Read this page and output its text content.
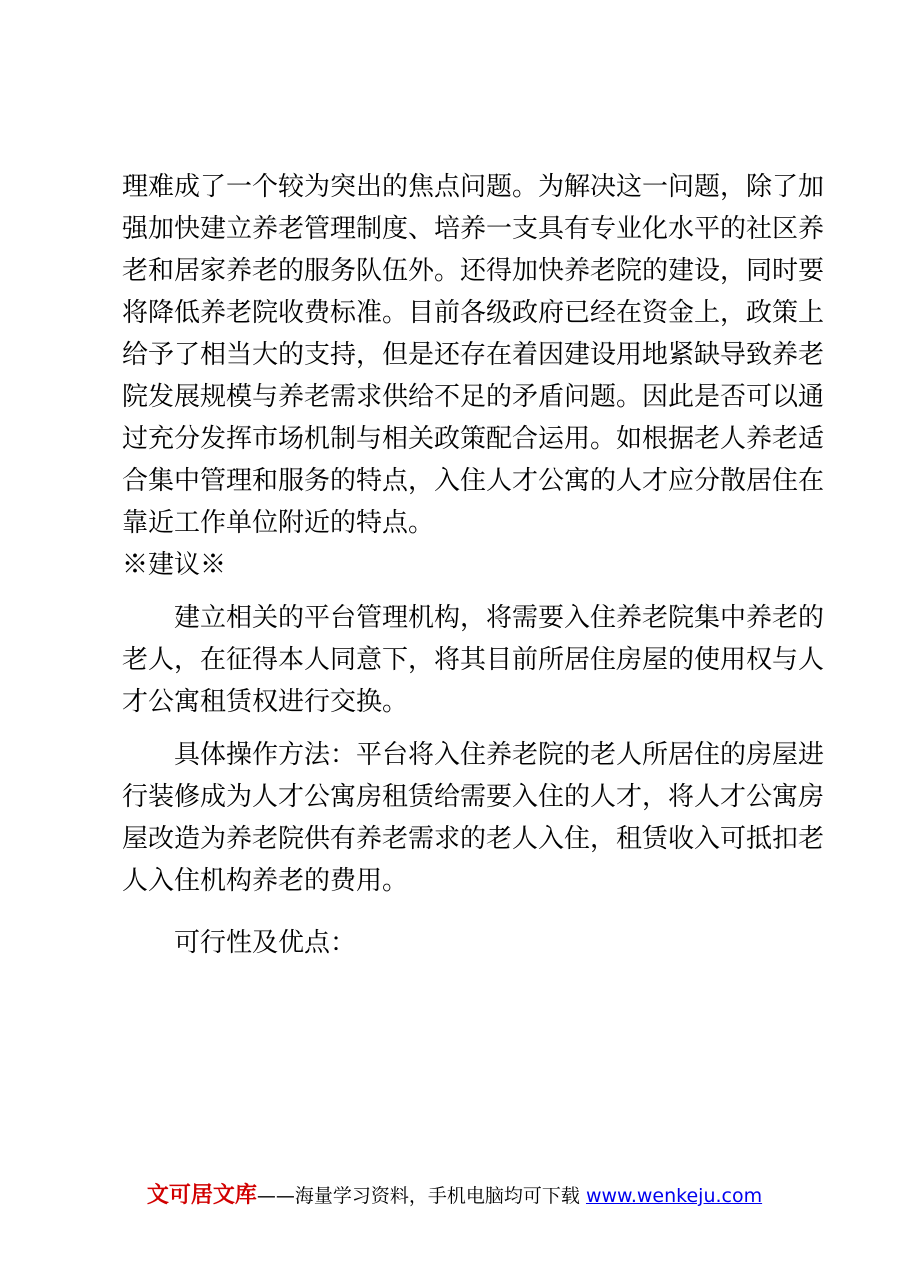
理难成了一个较为突出的焦点问题。为解决这一问题，除了加
强加快建立养老管理制度、培养一支具有专业化水平的社区养
老和居家养老的服务队伍外。还得加快养老院的建设，同时要
将降低养老院收费标准。目前各级政府已经在资金上，政策上
给予了相当大的支持，但是还存在着因建设用地紧缺导致养老
院发展规模与养老需求供给不足的矛盾问题。因此是否可以通
过充分发挥市场机制与相关政策配合运用。如根据老人养老适
合集中管理和服务的特点，入住人才公寓的人才应分散居住在
靠近工作单位附近的特点。
※建议※
建立相关的平台管理机构，将需要入住养老院集中养老的
老人，在征得本人同意下，将其目前所居住房屋的使用权与人
才公寓租赁权进行交换。
具体操作方法：平台将入住养老院的老人所居住的房屋进
行装修成为人才公寓房租赁给需要入住的人才，将人才公寓房
屋改造为养老院供有养老需求的老人入住，租赁收入可抵扣老
人入住机构养老的费用。
可行性及优点：
文可居文库——海量学习资料，手机电脑均可下载 www.wenkeju.com
